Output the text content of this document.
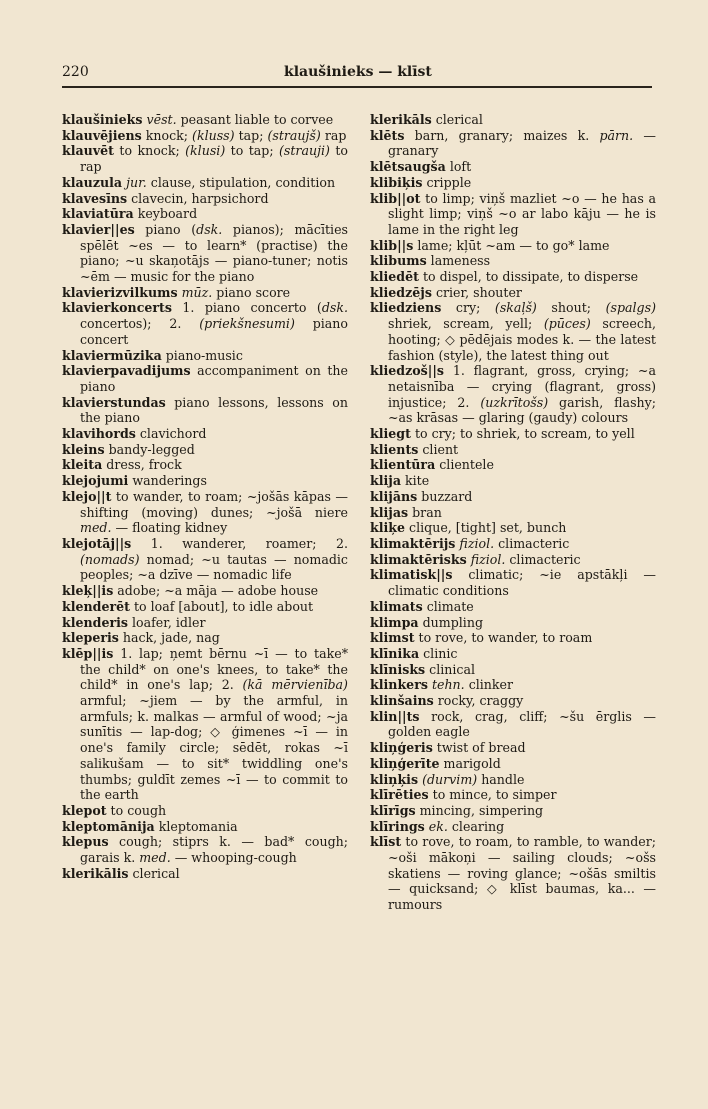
220	klaušinieks — klīst
klaušinieks vēst. peasant liable to corvee
klauvējiens knock; (kluss) tap; (straujš) rap
klauvēt to knock; (klusi) to tap; (strauji) to rap
klauzula jur. clause, stipulation, condition
klavesīns clavecin, harpsichord
klaviatūra keyboard
klavier||es piano (dsk. pianos); mācīties spēlēt ~es — to learn* (practise) the piano; ~u skaņotājs — piano-tuner; notis ~ēm — music for the piano
klavierizvilkums mūz. piano score
klavierkoncerts 1. piano concerto (dsk. concertos); 2. (priekšnesumi) piano concert
klaviermūzika piano-music
klavierpavadijums accompaniment on the piano
klavierstundas piano lessons, lessons on the piano
klavihords clavichord
kleins bandy-legged
kleita dress, frock
klejojumi wanderings
klejo||t to wander, to roam; ~jošās kāpas — shifting (moving) dunes; ~jošā niere med. — floating kidney
klejotāj||s 1. wanderer, roamer; 2. (nomads) nomad; ~u tautas — nomadic peoples; ~a dzīve — nomadic life
kleķ||is adobe; ~a māja — adobe house
klenderēt to loaf [about], to idle about
klenderis loafer, idler
kleperis hack, jade, nag
klēp||is 1. lap; ņemt bērnu ~ī — to take* the child* on one's knees, to take* the child* in one's lap; 2. (kā mērvienība) armful; ~jiem — by the armful, in armfuls; k. malkas — armful of wood; ~ja sunītis — lap-dog; ◇ ģimenes ~ī — in one's family circle; sēdēt, rokas ~ī salikušam — to sit* twiddling one's thumbs; guldīt zemes ~ī — to commit to the earth
klepot to cough
kleptomānija kleptomania
klepus cough; stiprs k. — bad* cough; garais k. med. — whooping-cough
klerikālis clerical
klerikāls clerical
klēts barn, granary; maizes k. pārn. — granary
klētsaugša loft
klibiķis cripple
klib||ot to limp; viņš mazliet ~o — he has a slight limp; viņš ~o ar labo kāju — he is lame in the right leg
klib||s lame; kļūt ~am — to go* lame
klibums lameness
kliedēt to dispel, to dissipate, to disperse
kliedzējs crier, shouter
kliedziens cry; (skaļš) shout; (spalgs) shriek, scream, yell; (pūces) screech, hooting; ◇ pēdējais modes k. — the latest fashion (style), the latest thing out
kliedzoš||s 1. flagrant, gross, crying; ~a netaisnība — crying (flagrant, gross) injustice; 2. (uzkrītošs) garish, flashy; ~as krāsas — glaring (gaudy) colours
kliegt to cry; to shriek, to scream, to yell
klients client
klientūra clientele
klija kite
klijāns buzzard
klijas bran
kliķe clique, [tight] set, bunch
klimaktērijs fiziol. climacteric
klimaktērisks fiziol. climacteric
klimatisk||s climatic; ~ie apstākļi — climatic conditions
klimats climate
klimpa dumpling
klimst to rove, to wander, to roam
klīnika clinic
klīnisks clinical
klinkers tehn. clinker
klinšains rocky, craggy
klin||ts rock, crag, cliff; ~šu ērglis — golden eagle
kliņģeris twist of bread
kliņģerīte marigold
kliņķis (durvim) handle
klīrēties to mince, to simper
klīrīgs mincing, simpering
klīrings ek. clearing
klīst to rove, to roam, to ramble, to wander; ~oši mākoņi — sailing clouds; ~ošs skatiens — roving glance; ~ošās smiltis — quicksand; ◇ klīst baumas, ka... — rumours
